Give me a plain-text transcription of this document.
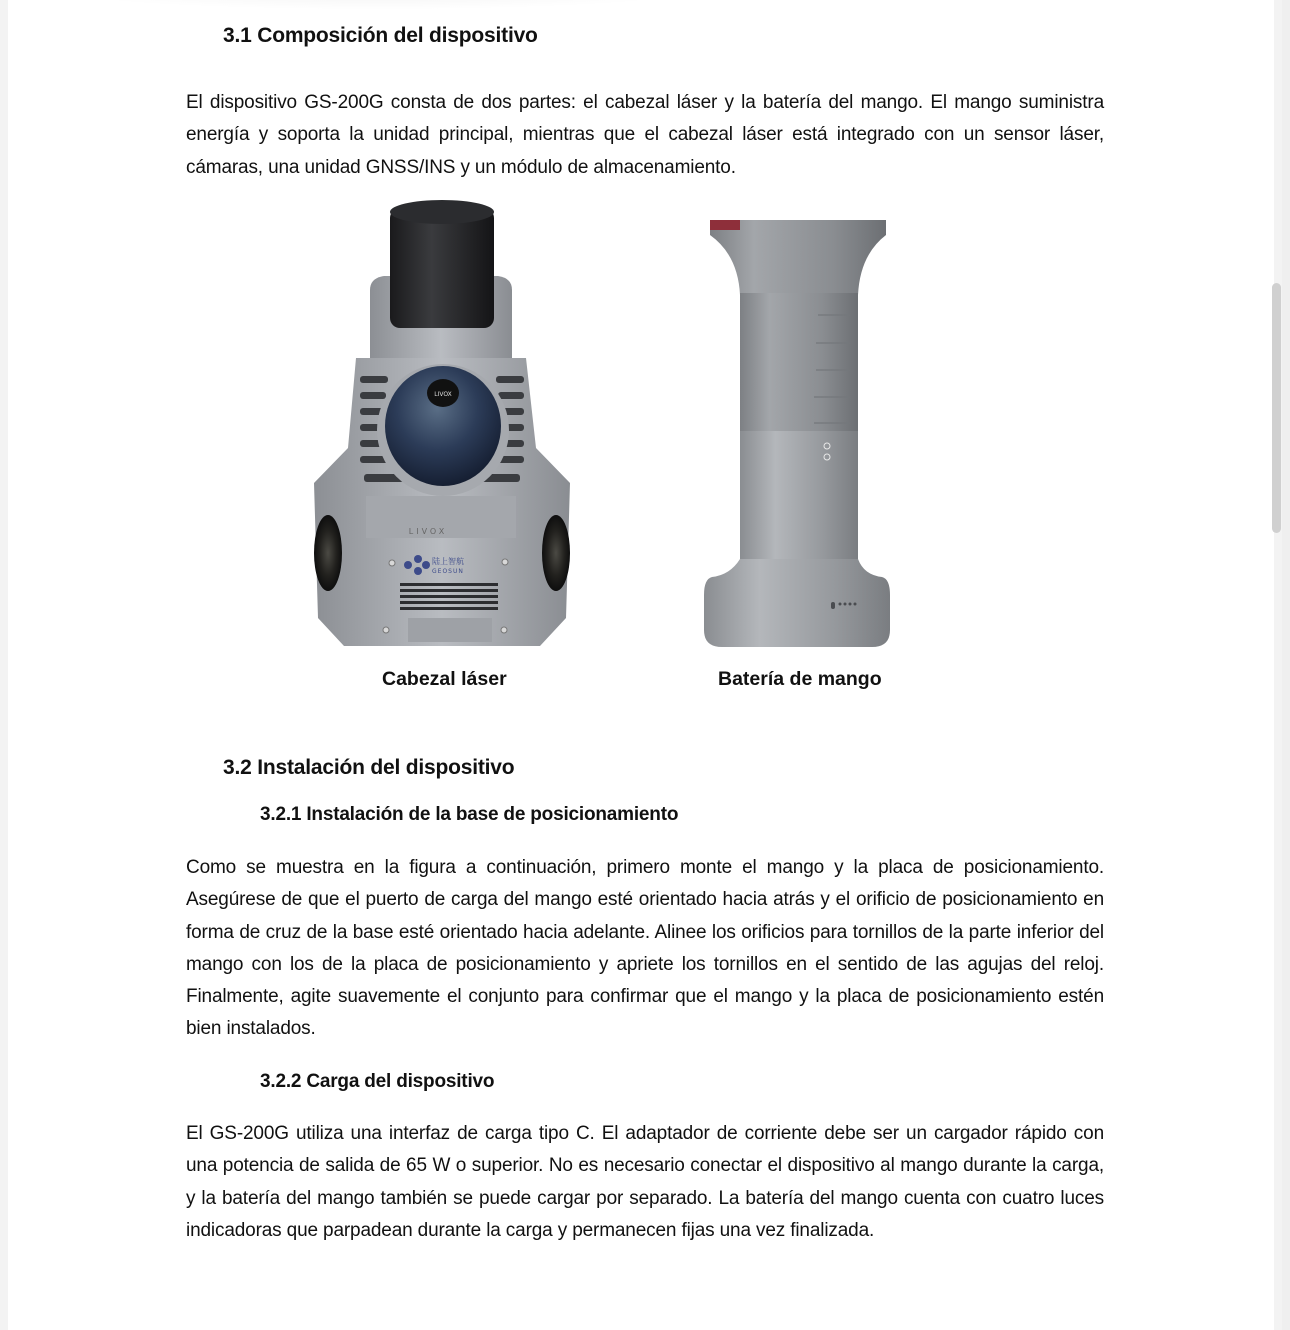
3.1 Composición del dispositivo
El dispositivo GS-200G consta de dos partes: el cabezal láser y la batería del mango. El mango suministra energía y soporta la unidad principal, mientras que el cabezal láser está integrado con un sensor láser, cámaras, una unidad GNSS/INS y un módulo de almacenamiento.
LIVOX
LIVOX
陆上智航
GEOSUN
Cabezal láser	Batería de mango
3.2 Instalación del dispositivo
3.2.1 Instalación de la base de posicionamiento
Como se muestra en la figura a continuación, primero monte el mango y la placa de posicionamiento. Asegúrese de que el puerto de carga del mango esté orientado hacia atrás y el orificio de posicionamiento en forma de cruz de la base esté orientado hacia adelante. Alinee los orificios para tornillos de la parte inferior del mango con los de la placa de posicionamiento y apriete los tornillos en el sentido de las agujas del reloj. Finalmente, agite suavemente el conjunto para confirmar que el mango y la placa de posicionamiento estén bien instalados.
3.2.2 Carga del dispositivo
El GS-200G utiliza una interfaz de carga tipo C. El adaptador de corriente debe ser un cargador rápido con una potencia de salida de 65 W o superior. No es necesario conectar el dispositivo al mango durante la carga, y la batería del mango también se puede cargar por separado. La batería del mango cuenta con cuatro luces indicadoras que parpadean durante la carga y permanecen fijas una vez finalizada.
